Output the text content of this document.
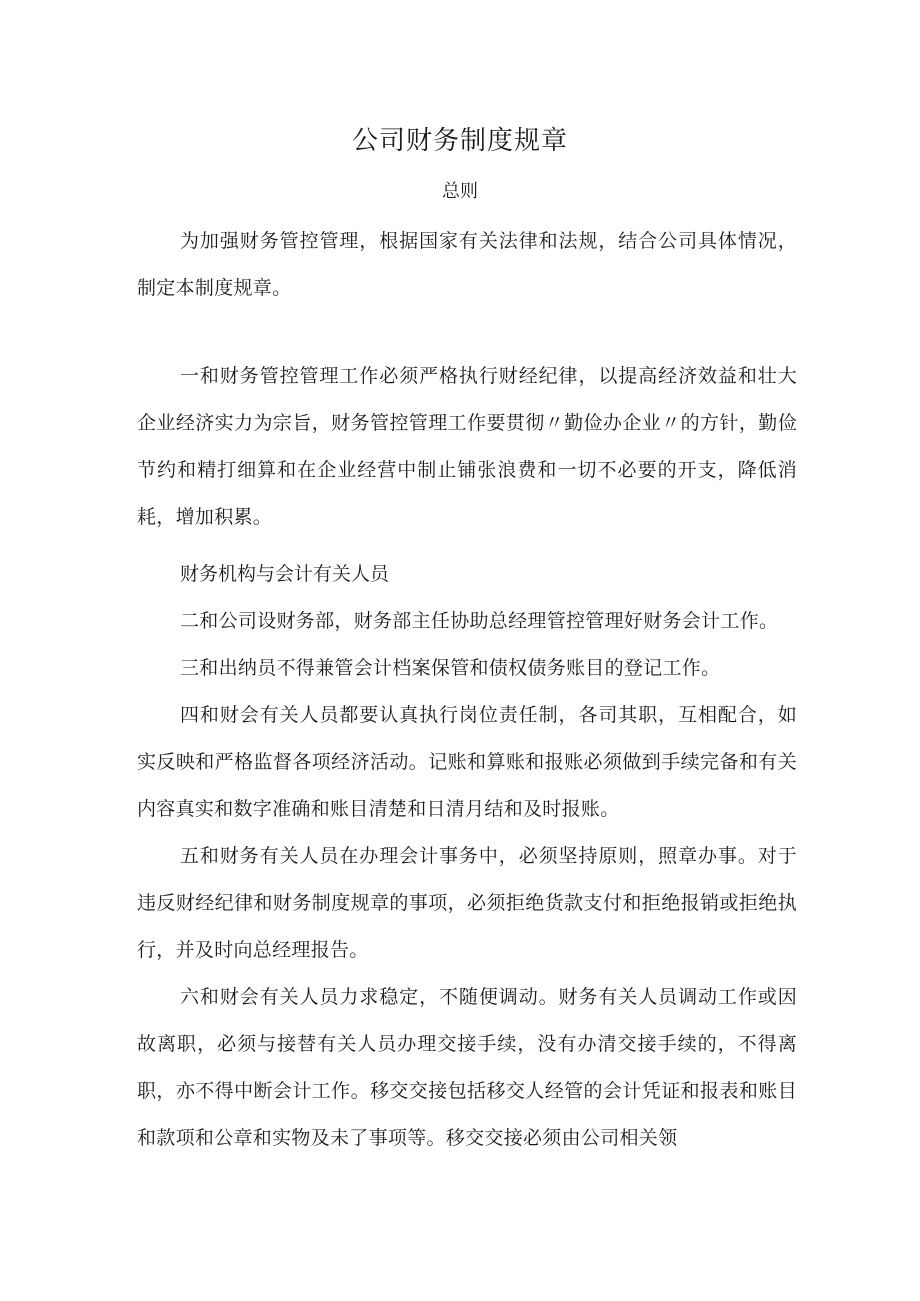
公司财务制度规章

总则

为加强财务管控管理，根据国家有关法律和法规，结合公司具体情况，制定本制度规章。

一和财务管控管理工作必须严格执行财经纪律，以提高经济效益和壮大企业经济实力为宗旨，财务管控管理工作要贯彻〃勤俭办企业〃的方针，勤俭节约和精打细算和在企业经营中制止铺张浪费和一切不必要的开支，降低消耗，增加积累。

财务机构与会计有关人员

二和公司设财务部，财务部主任协助总经理管控管理好财务会计工作。

三和出纳员不得兼管会计档案保管和债权债务账目的登记工作。

四和财会有关人员都要认真执行岗位责任制，各司其职，互相配合，如实反映和严格监督各项经济活动。记账和算账和报账必须做到手续完备和有关内容真实和数字准确和账目清楚和日清月结和及时报账。

五和财务有关人员在办理会计事务中，必须坚持原则，照章办事。对于违反财经纪律和财务制度规章的事项，必须拒绝货款支付和拒绝报销或拒绝执行，并及时向总经理报告。

六和财会有关人员力求稳定，不随便调动。财务有关人员调动工作或因故离职，必须与接替有关人员办理交接手续，没有办清交接手续的，不得离职，亦不得中断会计工作。移交交接包括移交人经管的会计凭证和报表和账目和款项和公章和实物及未了事项等。移交交接必须由公司相关领
